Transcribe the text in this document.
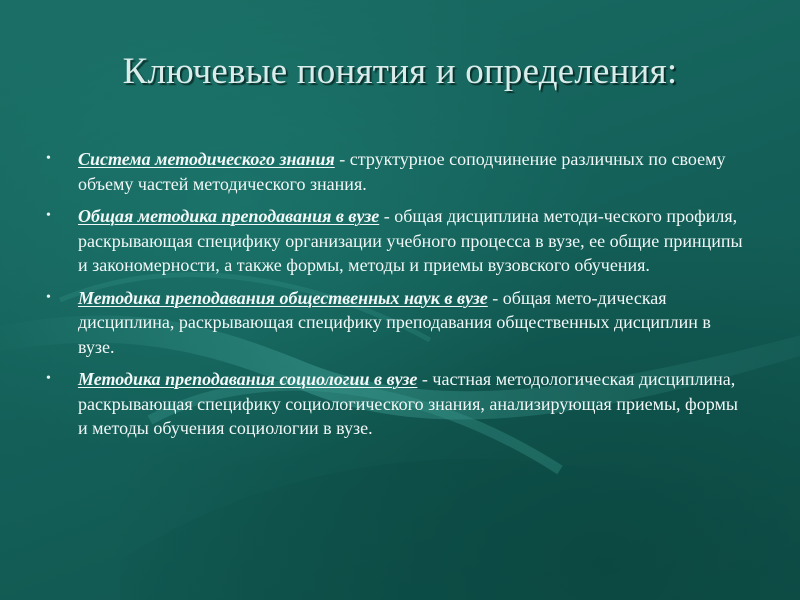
Ключевые понятия и определения:
• Система методического знания - структурное соподчинение различных по своему объему частей методического знания.
• Общая методика преподавания в вузе - общая дисциплина методи-ческого профиля, раскрывающая специфику организации учебного процесса в вузе, ее общие принципы и закономерности, а также формы, методы и приемы вузовского обучения.
• Методика преподавания общественных наук в вузе - общая мето-дическая дисциплина, раскрывающая специфику преподавания общественных дисциплин в вузе.
• Методика преподавания социологии в вузе - частная методологическая дисциплина, раскрывающая специфику социологического знания, анализирующая приемы, формы и методы обучения социологии в вузе.
